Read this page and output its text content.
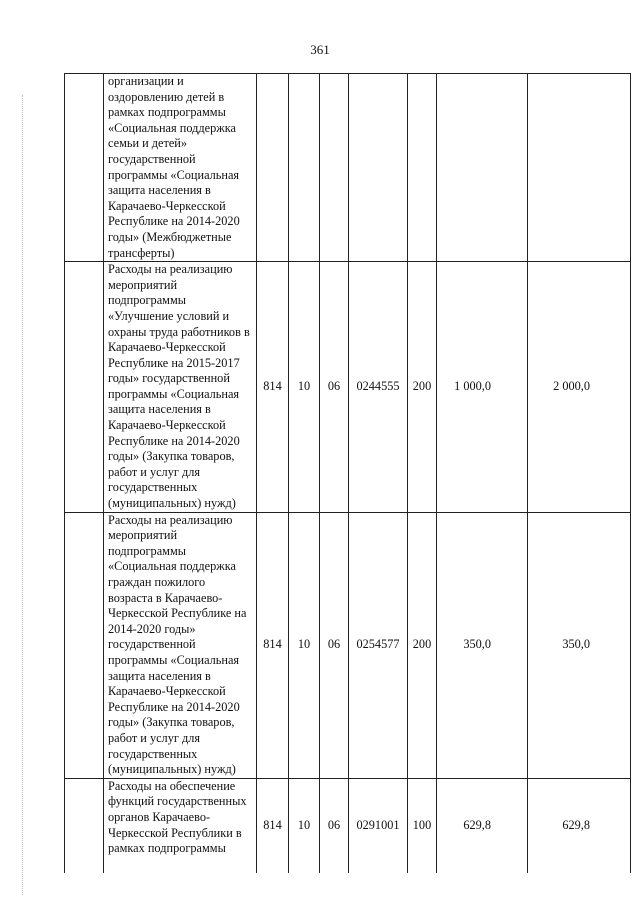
361
	организации и оздоровлению детей в рамках подпрограммы «Социальная поддержка семьи и детей» государственной программы «Социальная защита населения в Карачаево-Черкесской Республике на 2014-2020 годы» (Межбюджетные трансферты)							
	Расходы на реализацию мероприятий подпрограммы «Улучшение условий и охраны труда работников в Карачаево-Черкесской Республике на 2015-2017 годы» государственной программы «Социальная защита населения в Карачаево-Черкесской Республике на 2014-2020 годы» (Закупка товаров, работ и услуг для государственных (муниципальных) нужд)	814	10	06	0244555	200	1 000,0	2 000,0
	Расходы на реализацию мероприятий подпрограммы «Социальная поддержка граждан пожилого возраста в Карачаево-Черкесской Республике на 2014-2020 годы» государственной программы «Социальная защита населения в Карачаево-Черкесской Республике на 2014-2020 годы» (Закупка товаров, работ и услуг для государственных (муниципальных) нужд)	814	10	06	0254577	200	350,0	350,0
	Расходы на обеспечение функций государственных органов Карачаево-Черкесской Республики в рамках подпрограммы	814	10	06	0291001	100	629,8	629,8
